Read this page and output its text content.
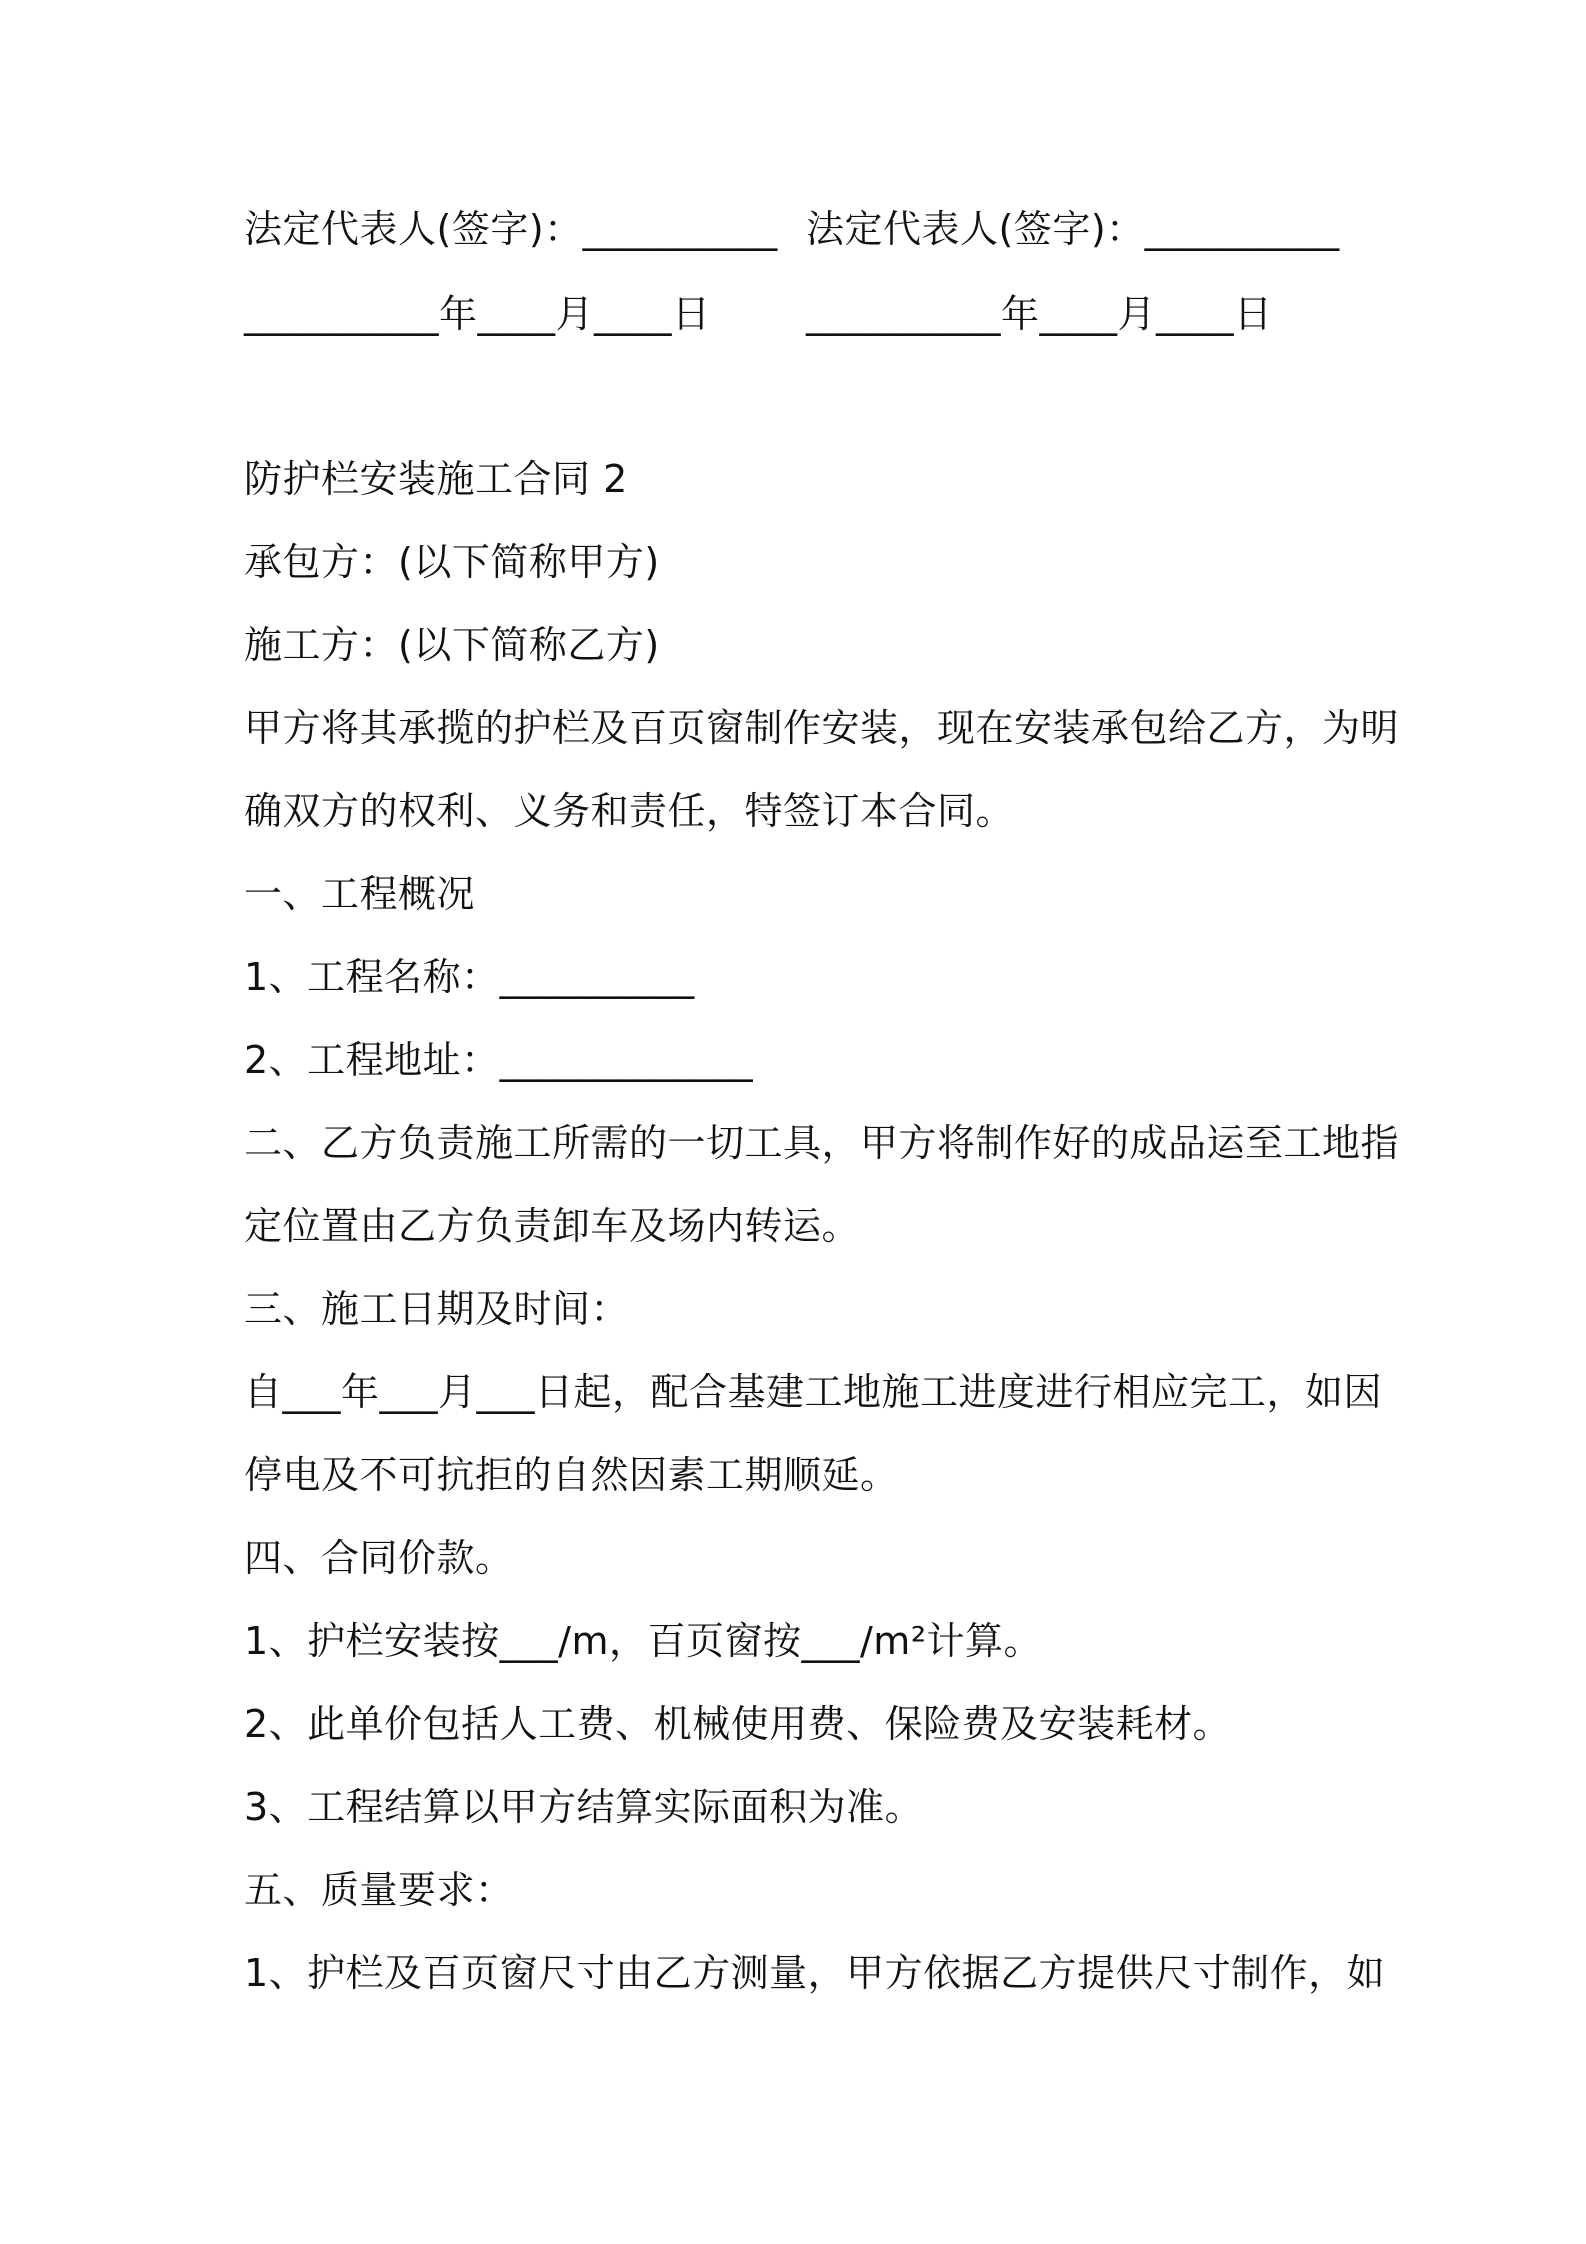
法定代表人(签字)：__________ 法定代表人(签字)：__________
__________年____月____日	__________年____月____日
防护栏安装施工合同 2
承包方：(以下简称甲方)
施工方：(以下简称乙方)
甲方将其承揽的护栏及百页窗制作安装，现在安装承包给乙方，为明
确双方的权利、义务和责任，特签订本合同。
一、工程概况
1、工程名称：__________
2、工程地址：_____________
二、乙方负责施工所需的一切工具，甲方将制作好的成品运至工地指
定位置由乙方负责卸车及场内转运。
三、施工日期及时间：
自___年___月___日起，配合基建工地施工进度进行相应完工，如因
停电及不可抗拒的自然因素工期顺延。
四、合同价款。
1、护栏安装按___/m，百页窗按___/m²计算。
2、此单价包括人工费、机械使用费、保险费及安装耗材。
3、工程结算以甲方结算实际面积为准。
五、质量要求：
1、护栏及百页窗尺寸由乙方测量，甲方依据乙方提供尺寸制作，如
